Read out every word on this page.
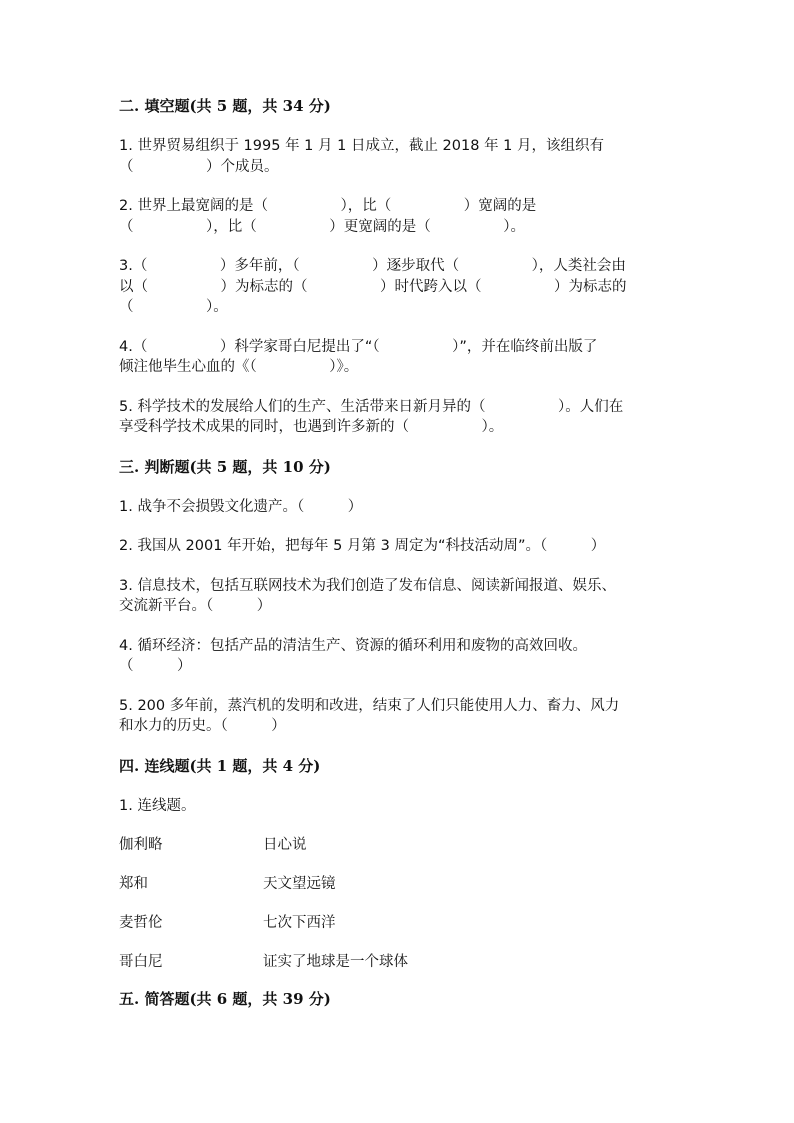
二. 填空题(共 5 题，共 34 分)

1. 世界贸易组织于 1995 年 1 月 1 日成立，截止 2018 年 1 月，该组织有

（　　　　　）个成员。

2. 世界上最宽阔的是（　　　　　），比（　　　　　）宽阔的是

（　　　　　），比（　　　　　）更宽阔的是（　　　　　）。

3.（　　　　　）多年前，（　　　　　）逐步取代（　　　　　），人类社会由

以（　　　　　）为标志的（　　　　　）时代跨入以（　　　　　）为标志的

（　　　　　）。

4.（　　　　　）科学家哥白尼提出了“（　　　　　）”，并在临终前出版了

倾注他毕生心血的《（　　　　　）》。

5. 科学技术的发展给人们的生产、生活带来日新月异的（　　　　　）。人们在

享受科学技术成果的同时，也遇到许多新的（　　　　　）。

三. 判断题(共 5 题，共 10 分)

1. 战争不会损毁文化遗产。（　　　）

2. 我国从 2001 年开始，把每年 5 月第 3 周定为“科技活动周”。（　　　）

3. 信息技术，包括互联网技术为我们创造了发布信息、阅读新闻报道、娱乐、

交流新平台。（　　　）

4. 循环经济：包括产品的清洁生产、资源的循环利用和废物的高效回收。

（　　　）

5. 200 多年前，蒸汽机的发明和改进，结束了人们只能使用人力、畜力、风力

和水力的历史。（　　　）

四. 连线题(共 1 题，共 4 分)

1. 连线题。

伽利略	日心说
郑和	天文望远镜
麦哲伦	七次下西洋
哥白尼	证实了地球是一个球体

五. 简答题(共 6 题，共 39 分)
